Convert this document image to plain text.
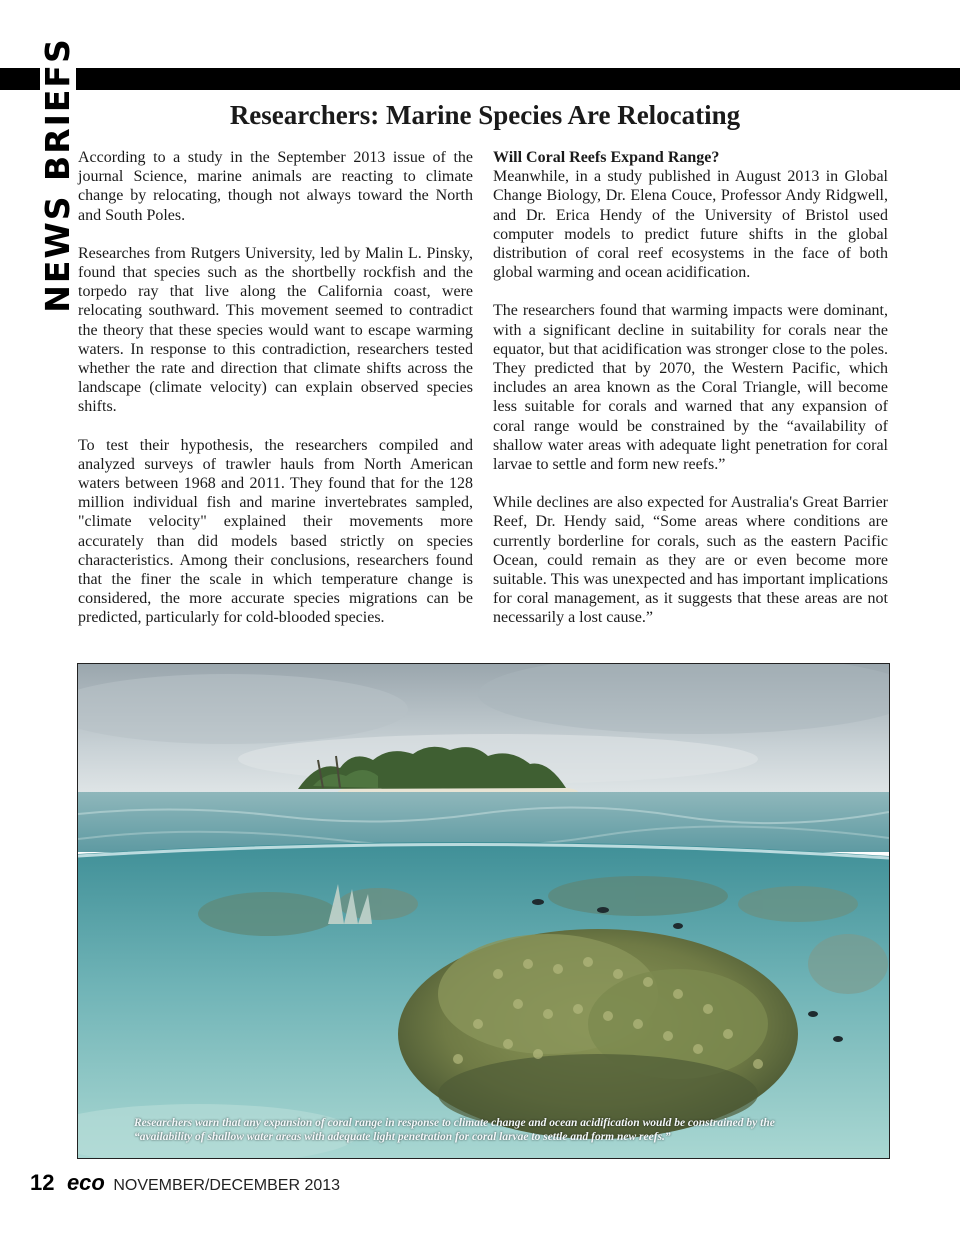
NEWS BRIEFS	Researchers: Marine Species Are Relocating

According to a study in the September 2013 issue of the journal Science, marine animals are reacting to climate change by relocating, though not always toward the North and South Poles.

Researches from Rutgers University, led by Malin L. Pinsky, found that species such as the shortbelly rockfish and the torpedo ray that live along the California coast, were relocating southward. This movement seemed to contradict the theory that these species would want to escape warming waters. In response to this contradiction, researchers tested whether the rate and direction that climate shifts across the landscape (climate velocity) can explain observed species shifts.

To test their hypothesis, the researchers compiled and analyzed surveys of trawler hauls from North American waters between 1968 and 2011. They found that for the 128 million individual fish and marine invertebrates sampled, "climate velocity" explained their movements more accurately than did models based strictly on species characteristics. Among their conclusions, researchers found that the finer the scale in which temperature change is considered, the more accurate species migrations can be predicted, particularly for cold-blooded species.

Will Coral Reefs Expand Range?
Meanwhile, in a study published in August 2013 in Global Change Biology, Dr. Elena Couce, Professor Andy Ridgwell, and Dr. Erica Hendy of the University of Bristol used computer models to predict future shifts in the global distribution of coral reef ecosystems in the face of both global warming and ocean acidification.

The researchers found that warming impacts were dominant, with a significant decline in suitability for corals near the equator, but that acidification was stronger close to the poles. They predicted that by 2070, the Western Pacific, which includes an area known as the Coral Triangle, will become less suitable for corals and warned that any expansion of coral range would be constrained by the “availability of shallow water areas with adequate light penetration for coral larvae to settle and form new reefs.”

While declines are also expected for Australia's Great Barrier Reef, Dr. Hendy said, “Some areas where conditions are currently borderline for corals, such as the eastern Pacific Ocean, could remain as they are or even become more suitable. This was unexpected and has important implications for coral management, as it suggests that these areas are not necessarily a lost cause.”

Researchers warn that any expansion of coral range in response to climate change and ocean acidification would be constrained by the “availability of shallow water areas with adequate light penetration for coral larvae to settle and form new reefs.”
12 eco NOVEMBER/DECEMBER 2013
